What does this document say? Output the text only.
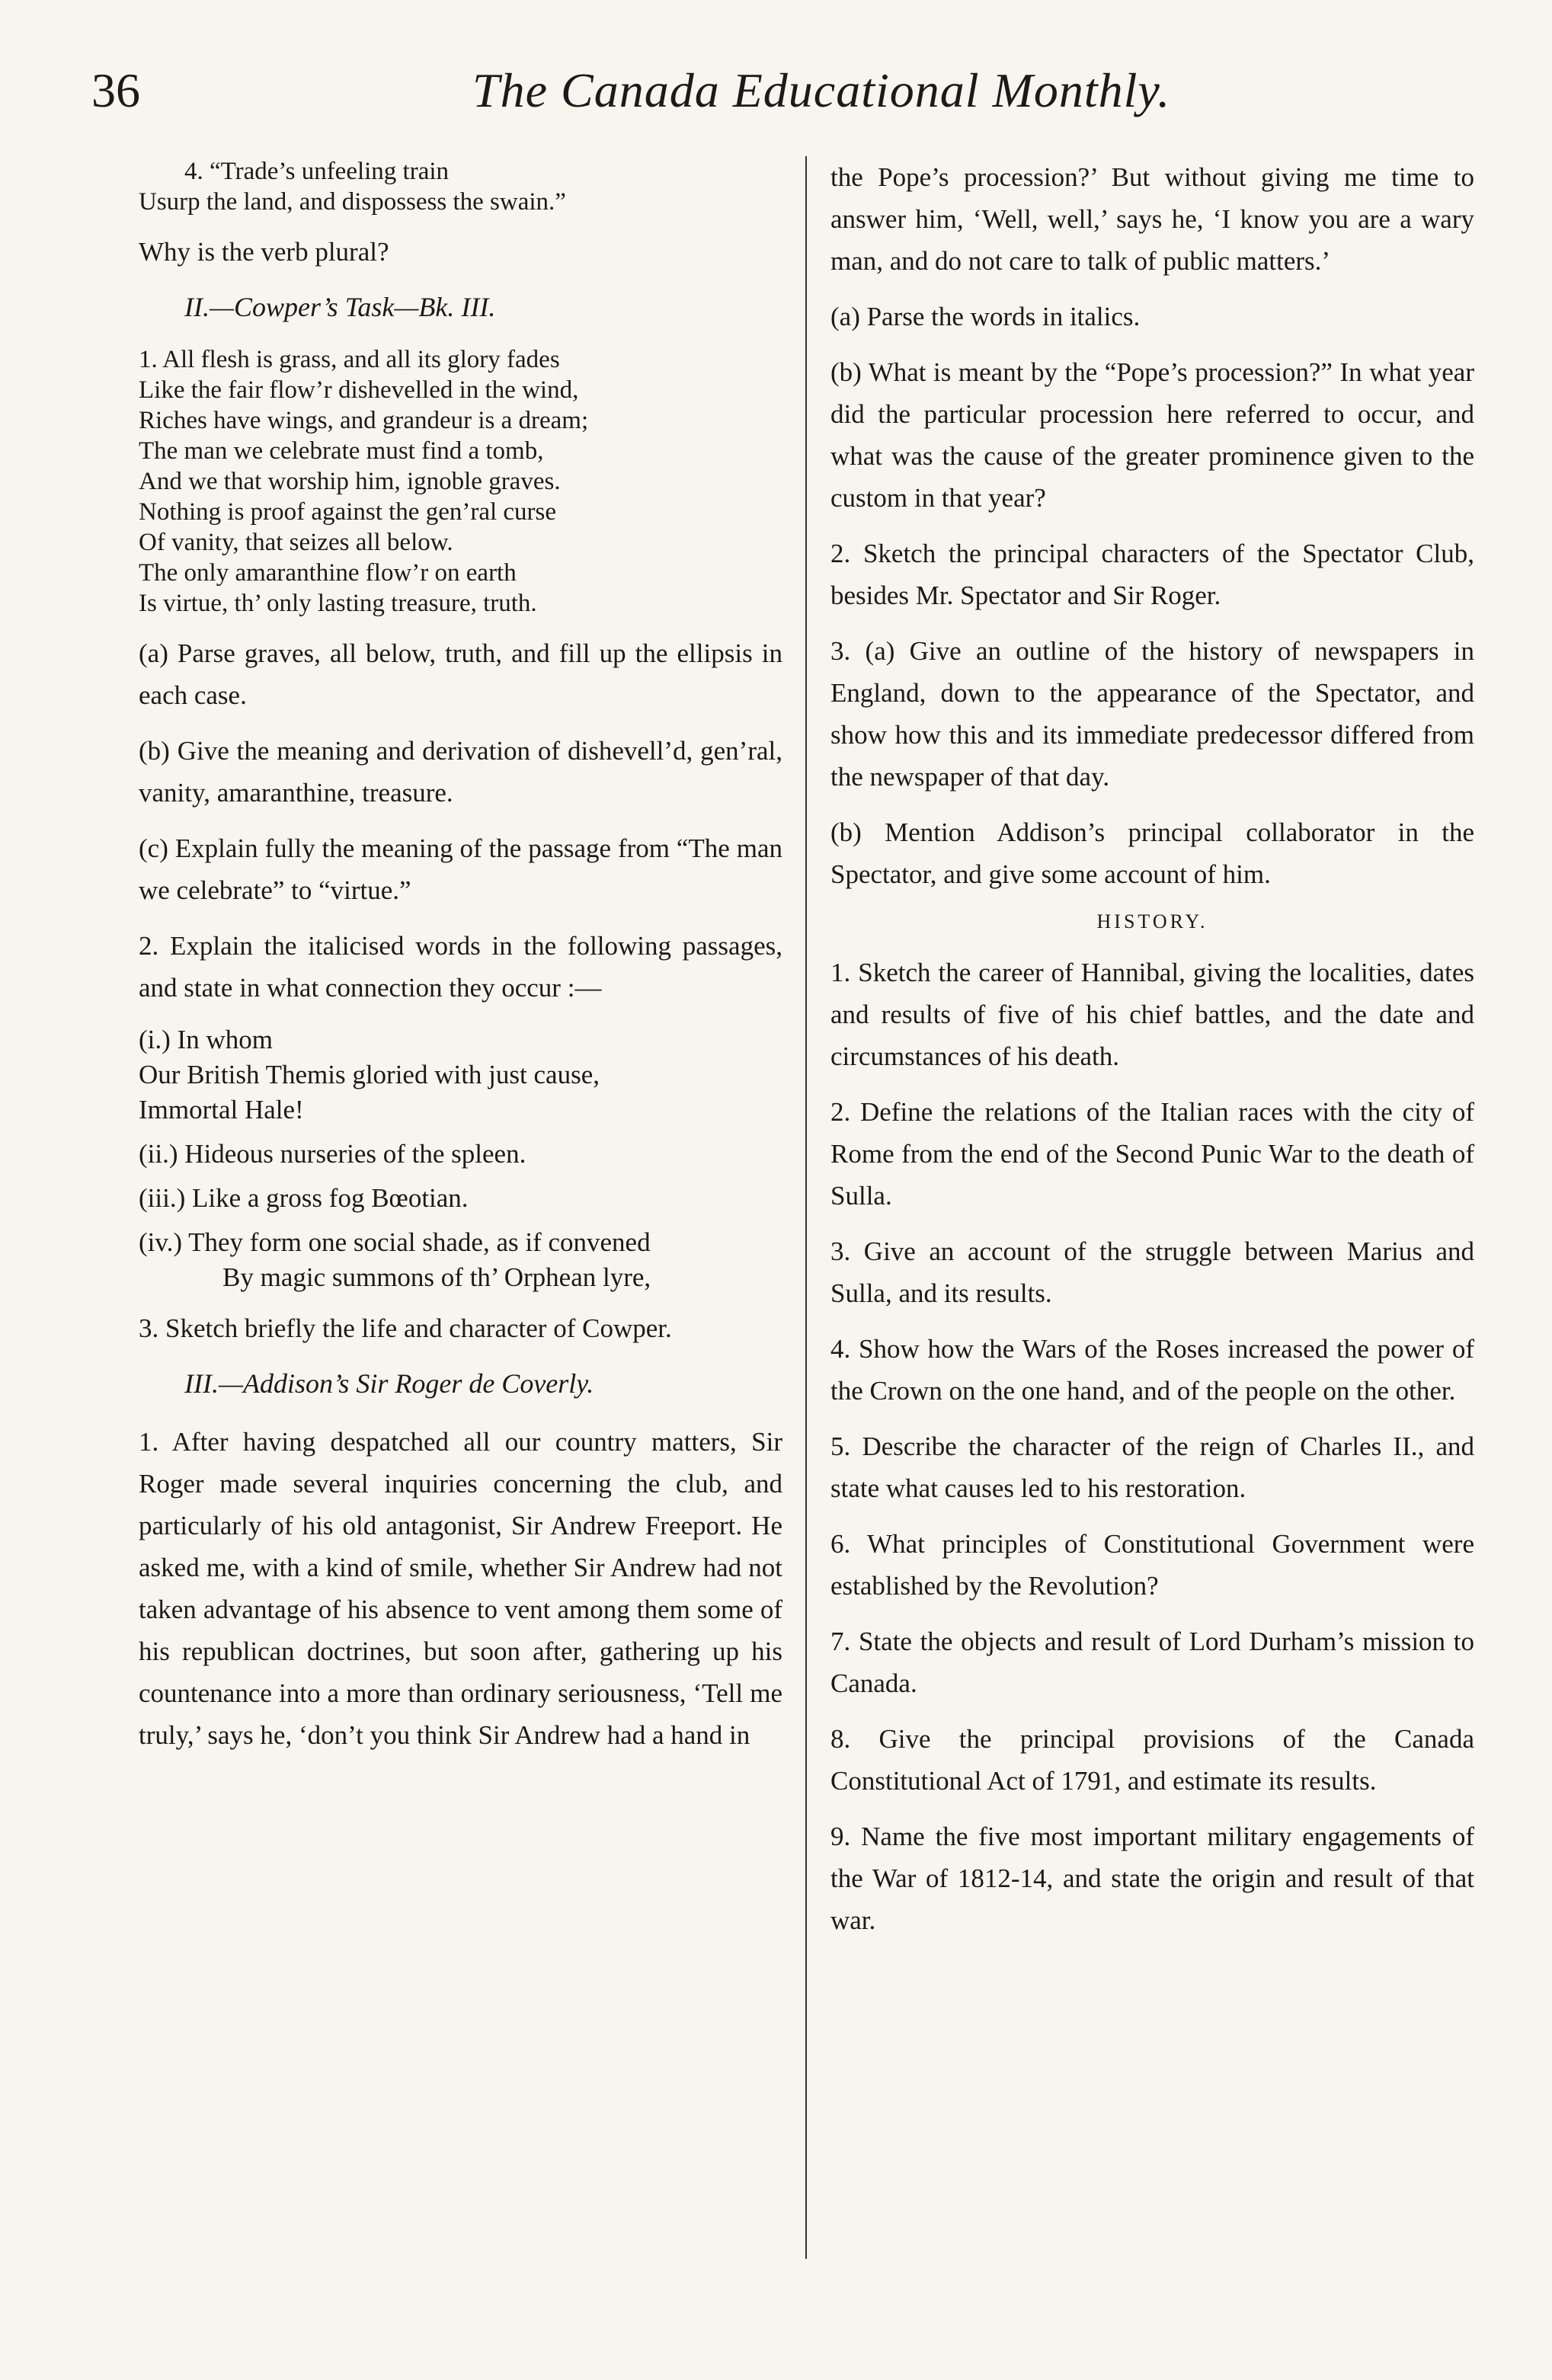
36	The Canada Educational Monthly.
4. “Trade’s unfeeling train
Usurp the land, and dispossess the swain.”

Why is the verb plural?

II.—Cowper’s Task—Bk. III.

1. All flesh is grass, and all its glory fades
Like the fair flow’r dishevelled in the wind,
Riches have wings, and grandeur is a dream;
The man we celebrate must find a tomb,
And we that worship him, ignoble graves.
Nothing is proof against the gen’ral curse
Of vanity, that seizes all below.
The only amaranthine flow’r on earth
Is virtue, th’ only lasting treasure, truth.

(a) Parse graves, all below, truth, and fill up the ellipsis in each case.

(b) Give the meaning and derivation of dishevell’d, gen’ral, vanity, amaranthine, treasure.

(c) Explain fully the meaning of the passage from “The man we celebrate” to “virtue.”

2. Explain the italicised words in the following passages, and state in what connection they occur :—

(i.) In whom
Our British Themis gloried with just cause,
Immortal Hale!
(ii.) Hideous nurseries of the spleen.
(iii.) Like a gross fog Bœotian.
(iv.) They form one social shade, as if convened
By magic summons of th’ Orphean lyre,

3. Sketch briefly the life and character of Cowper.

III.—Addison’s Sir Roger de Coverly.

1. After having despatched all our country matters, Sir Roger made several inquiries concerning the club, and particularly of his old antagonist, Sir Andrew Freeport. He asked me, with a kind of smile, whether Sir Andrew had not taken advantage of his absence to vent among them some of his republican doctrines, but soon after, gathering up his countenance into a more than ordinary seriousness, ‘Tell me truly,’ says he, ‘don’t you think Sir Andrew had a hand in

the Pope’s procession?’ But without giving me time to answer him, ‘Well, well,’ says he, ‘I know you are a wary man, and do not care to talk of public matters.’

(a) Parse the words in italics.

(b) What is meant by the “Pope’s procession?” In what year did the particular procession here referred to occur, and what was the cause of the greater prominence given to the custom in that year?

2. Sketch the principal characters of the Spectator Club, besides Mr. Spectator and Sir Roger.

3. (a) Give an outline of the history of newspapers in England, down to the appearance of the Spectator, and show how this and its immediate predecessor differed from the newspaper of that day.

(b) Mention Addison’s principal collaborator in the Spectator, and give some account of him.

HISTORY.

1. Sketch the career of Hannibal, giving the localities, dates and results of five of his chief battles, and the date and circumstances of his death.

2. Define the relations of the Italian races with the city of Rome from the end of the Second Punic War to the death of Sulla.

3. Give an account of the struggle between Marius and Sulla, and its results.

4. Show how the Wars of the Roses increased the power of the Crown on the one hand, and of the people on the other.

5. Describe the character of the reign of Charles II., and state what causes led to his restoration.

6. What principles of Constitutional Government were established by the Revolution?

7. State the objects and result of Lord Durham’s mission to Canada.

8. Give the principal provisions of the Canada Constitutional Act of 1791, and estimate its results.

9. Name the five most important military engagements of the War of 1812-14, and state the origin and result of that war.
